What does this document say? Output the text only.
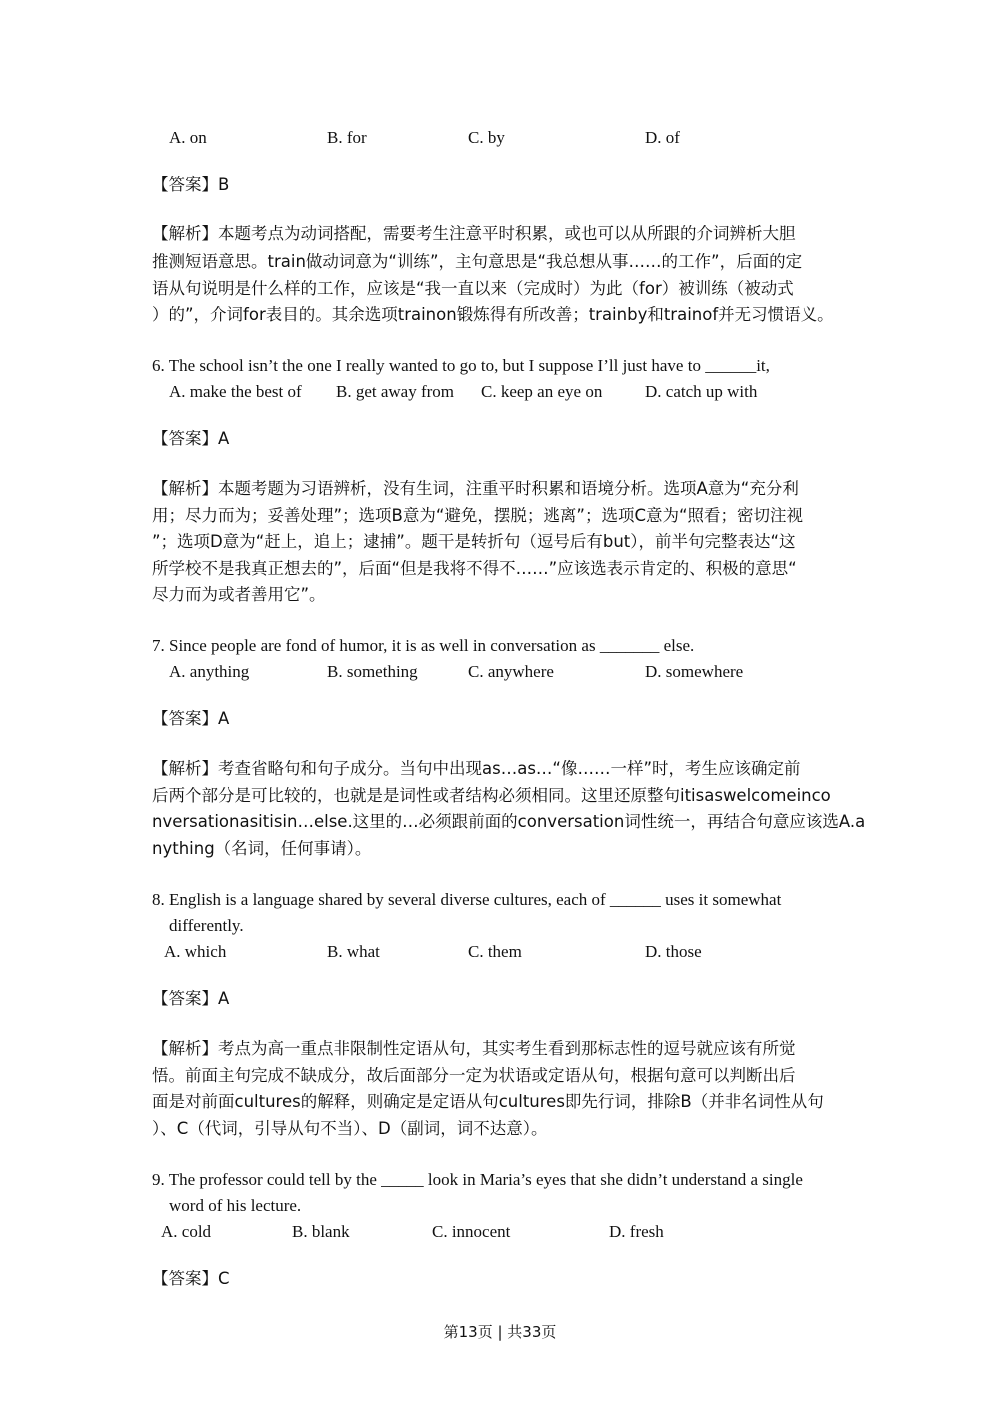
A. on	B. for	C. by	D. of
【答案】B
【解析】本题考点为动词搭配，需要考生注意平时积累，或也可以从所跟的介词辨析大胆
推测短语意思。train做动词意为“训练”，主句意思是“我总想从事……的工作”，后面的定
语从句说明是什么样的工作，应该是“我一直以来（完成时）为此（for）被训练（被动式
）的”，介词for表目的。其余选项trainon锻炼得有所改善；trainby和trainof并无习惯语义。
6. The school isn’t the one I really wanted to go to, but I suppose I’ll just have to ______it,
A. make the best of B. get away from C. keep an eye on	D. catch up with
【答案】A
【解析】本题考题为习语辨析，没有生词，注重平时积累和语境分析。选项A意为“充分利
用；尽力而为；妥善处理”；选项B意为“避免，摆脱；逃离”；选项C意为“照看；密切注视
”；选项D意为“赶上，追上；逮捕”。题干是转折句（逗号后有but），前半句完整表达“这
所学校不是我真正想去的”，后面“但是我将不得不……”应该选表示肯定的、积极的意思“
尽力而为或者善用它”。
7. Since people are fond of humor, it is as well in conversation as _______ else.
A. anything	B. something	C. anywhere	D. somewhere
【答案】A
【解析】考查省略句和句子成分。当句中出现as…as…“像……一样”时，考生应该确定前
后两个部分是可比较的，也就是是词性或者结构必须相同。这里还原整句itisaswelcomeinco
nversationasitisin…else.这里的…必须跟前面的conversation词性统一，再结合句意应该选A.a
nything（名词，任何事请）。
8. English is a language shared by several diverse cultures, each of ______ uses it somewhat
differently.
A. which	B. what	C. them	D. those
【答案】A
【解析】考点为高一重点非限制性定语从句，其实考生看到那标志性的逗号就应该有所觉
悟。前面主句完成不缺成分，故后面部分一定为状语或定语从句，根据句意可以判断出后
面是对前面cultures的解释，则确定是定语从句cultures即先行词，排除B（并非名词性从句
）、C（代词，引导从句不当）、D（副词，词不达意）。
9. The professor could tell by the _____ look in Maria’s eyes that she didn’t understand a single
word of his lecture.
A. cold	B. blank	C. innocent	D. fresh
【答案】C
第13页 | 共33页
